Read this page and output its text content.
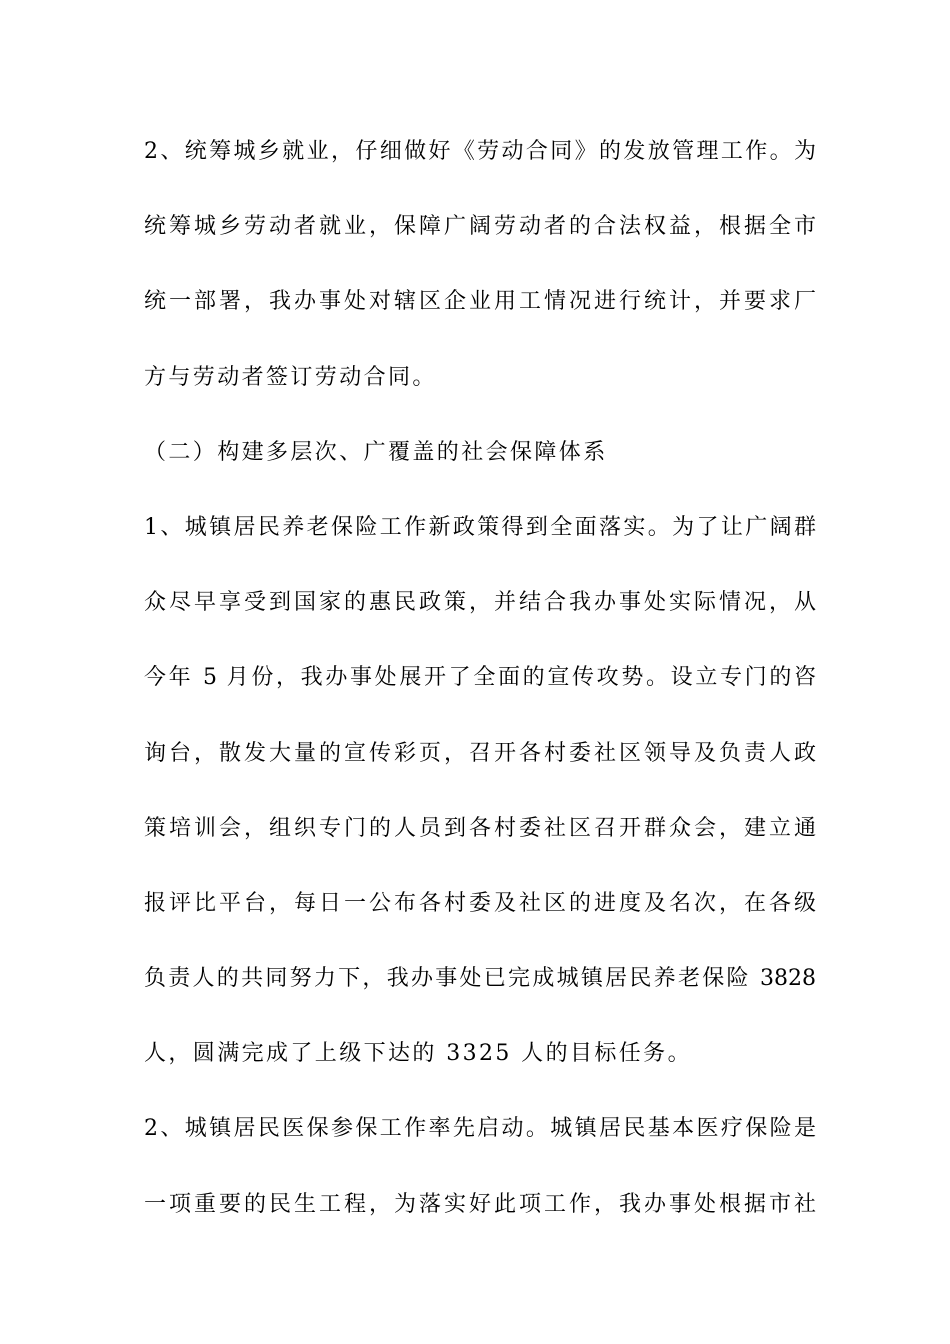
2、统筹城乡就业，仔细做好《劳动合同》的发放管理工作。为
统筹城乡劳动者就业，保障广阔劳动者的合法权益，根据全市
统一部署，我办事处对辖区企业用工情况进行统计，并要求厂
方与劳动者签订劳动合同。
（二）构建多层次、广覆盖的社会保障体系
1、城镇居民养老保险工作新政策得到全面落实。为了让广阔群
众尽早享受到国家的惠民政策，并结合我办事处实际情况，从
今年 5 月份，我办事处展开了全面的宣传攻势。设立专门的咨
询台，散发大量的宣传彩页，召开各村委社区领导及负责人政
策培训会，组织专门的人员到各村委社区召开群众会，建立通
报评比平台，每日一公布各村委及社区的进度及名次，在各级
负责人的共同努力下，我办事处已完成城镇居民养老保险 3828
人，圆满完成了上级下达的 3325 人的目标任务。
2、城镇居民医保参保工作率先启动。城镇居民基本医疗保险是
一项重要的民生工程，为落实好此项工作，我办事处根据市社
